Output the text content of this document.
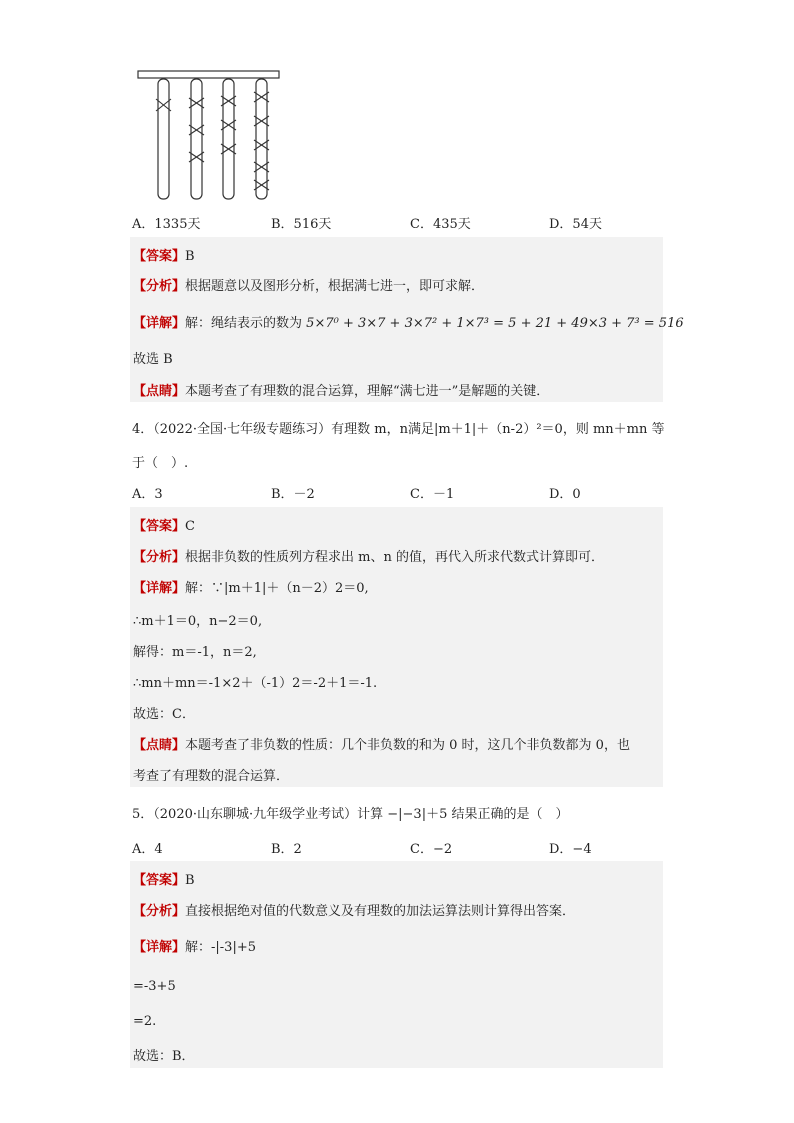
A．1335天	B．516天	C．435天	D．54天
【答案】B
【分析】根据题意以及图形分析，根据满七进一，即可求解．
【详解】解：绳结表示的数为 5×7⁰ + 3×7 + 3×7² + 1×7³ = 5 + 21 + 49×3 + 7³ = 516
故选 B
【点睛】本题考查了有理数的混合运算，理解“满七进一”是解题的关键．
4．（2022·全国·七年级专题练习）有理数 m，n满足|m＋1|＋（n-2）²＝0，则 mn＋mn 等
于（　）.
A．3	B．－2	C．－1	D．0
【答案】C
【分析】根据非负数的性质列方程求出 m、n 的值，再代入所求代数式计算即可．
【详解】解：∵|m＋1|＋（n－2）2＝0,
∴m＋1＝0，n−2＝0,
解得：m＝-1，n＝2,
∴mn＋mn＝-1×2＋（-1）2＝-2＋1＝-1.
故选：C．
【点睛】本题考查了非负数的性质：几个非负数的和为 0 时，这几个非负数都为 0，也
考查了有理数的混合运算．
5．（2020·山东聊城·九年级学业考试）计算 −|−3|＋5 结果正确的是（　）
A．4	B．2	C．−2	D．−4
【答案】B
【分析】直接根据绝对值的代数意义及有理数的加法运算法则计算得出答案．
【详解】解：-|-3|+5
=-3+5
=2.
故选：B．
